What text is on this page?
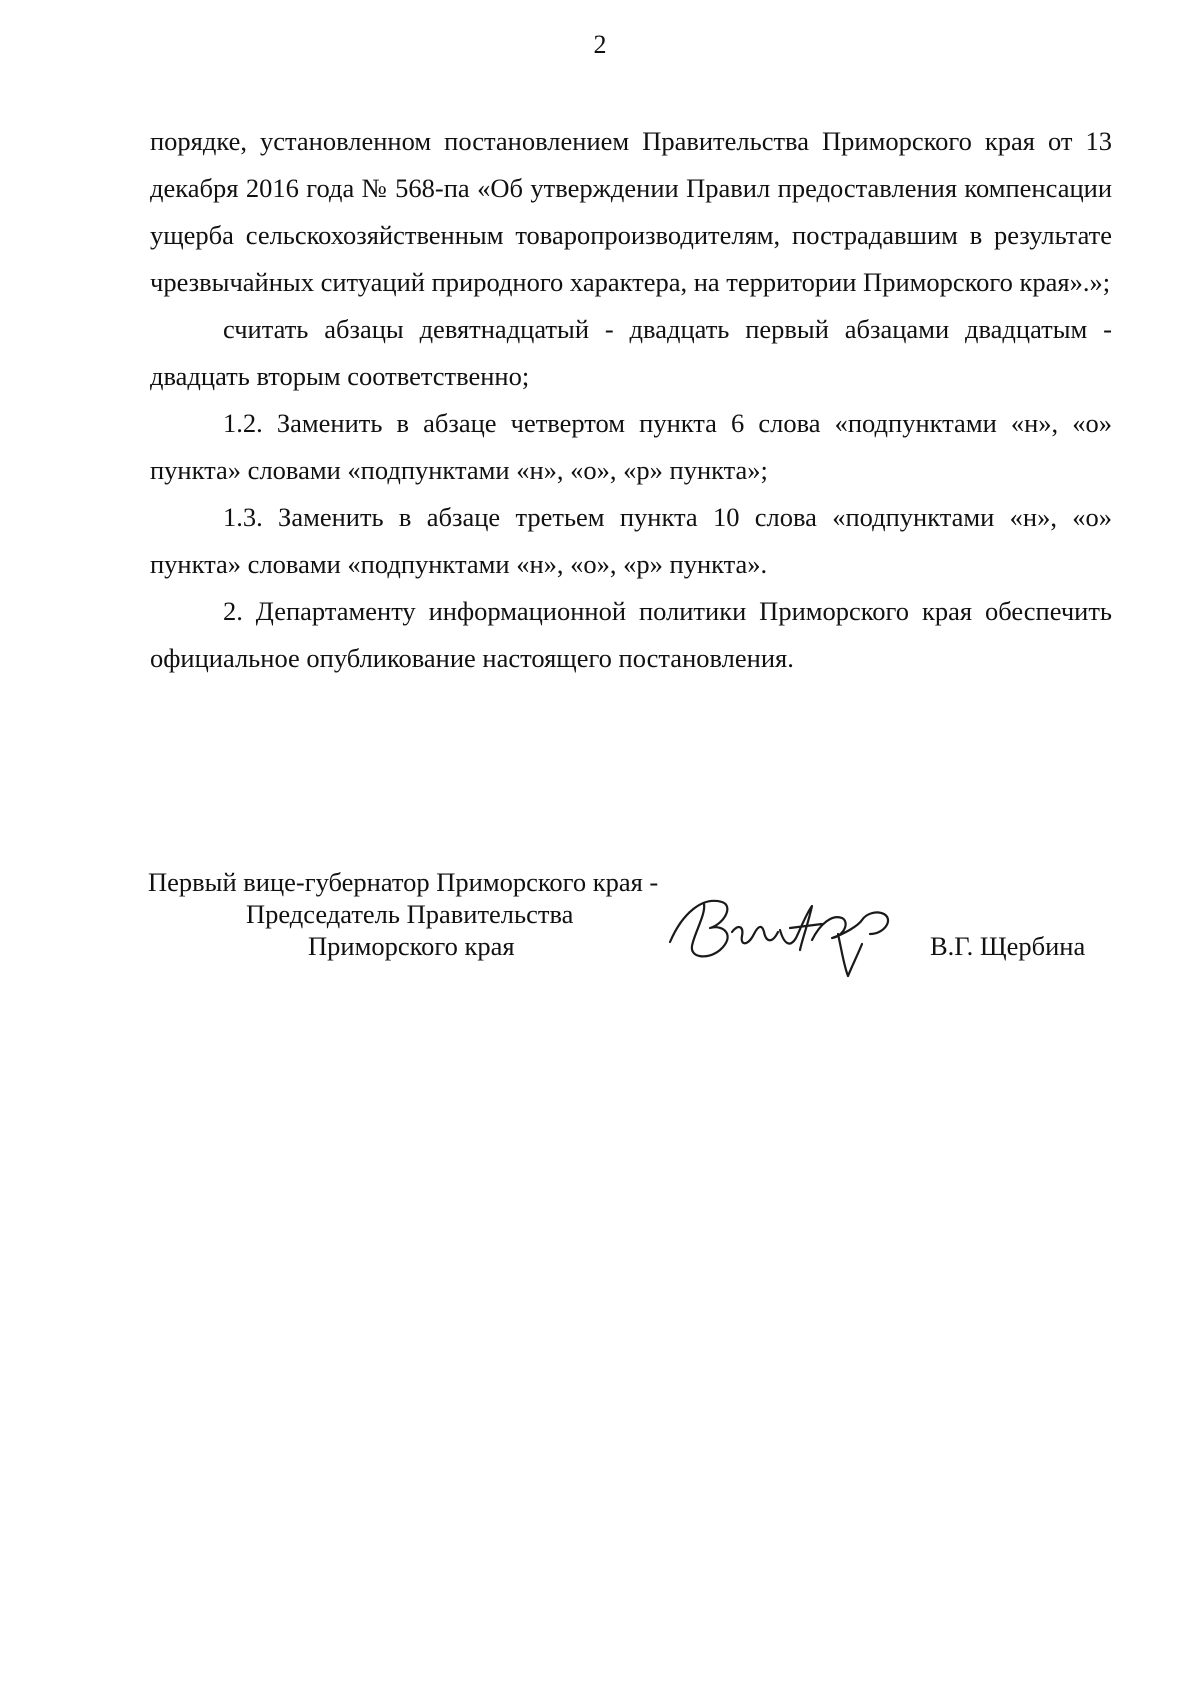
2

порядке, установленном постановлением Правительства Приморского края от 13 декабря 2016 года № 568-па «Об утверждении Правил предоставления компенсации ущерба сельскохозяйственным товаропроизводителям, пострадавшим в результате чрезвычайных ситуаций природного характера, на территории Приморского края».»;

считать абзацы девятнадцатый - двадцать первый абзацами двадцатым - двадцать вторым соответственно;

1.2. Заменить в абзаце четвертом пункта 6 слова «подпунктами «н», «о» пункта» словами «подпунктами «н», «о», «р» пункта»;

1.3. Заменить в абзаце третьем пункта 10 слова «подпунктами «н», «о» пункта» словами «подпунктами «н», «о», «р» пункта».

2. Департаменту информационной политики Приморского края обеспечить официальное опубликование настоящего постановления.

Первый вице-губернатор Приморского края -
Председатель Правительства
Приморского края	В.Г. Щербина
